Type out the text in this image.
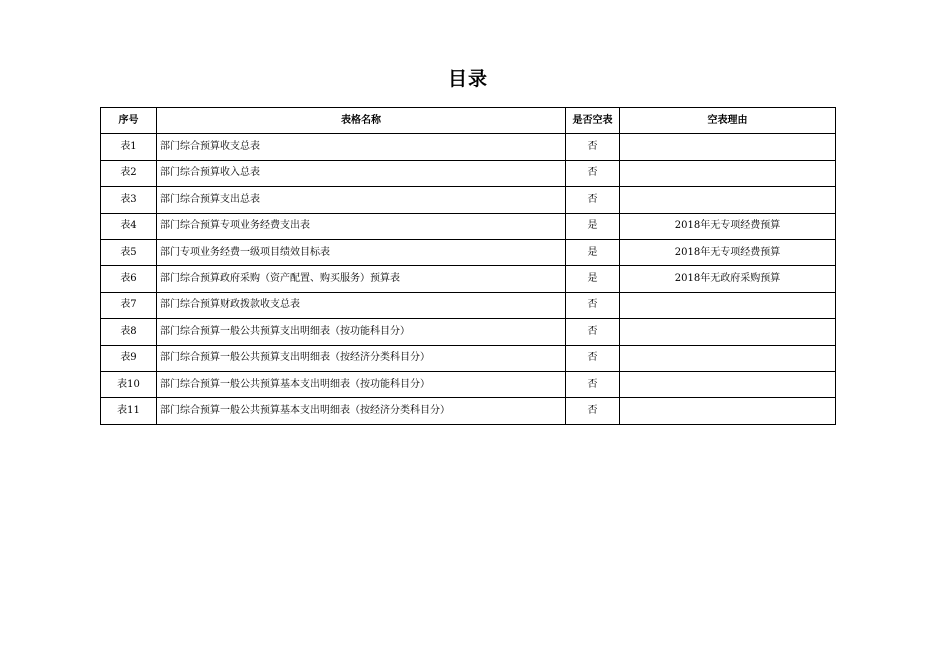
目录
序号	表格名称	是否空表	空表理由
表1	部门综合预算收支总表	否	
表2	部门综合预算收入总表	否	
表3	部门综合预算支出总表	否	
表4	部门综合预算专项业务经费支出表	是	2018年无专项经费预算
表5	部门专项业务经费一级项目绩效目标表	是	2018年无专项经费预算
表6	部门综合预算政府采购（资产配置、购买服务）预算表	是	2018年无政府采购预算
表7	部门综合预算财政拨款收支总表	否	
表8	部门综合预算一般公共预算支出明细表（按功能科目分）	否	
表9	部门综合预算一般公共预算支出明细表（按经济分类科目分）	否	
表10	部门综合预算一般公共预算基本支出明细表（按功能科目分）	否	
表11	部门综合预算一般公共预算基本支出明细表（按经济分类科目分）	否	
